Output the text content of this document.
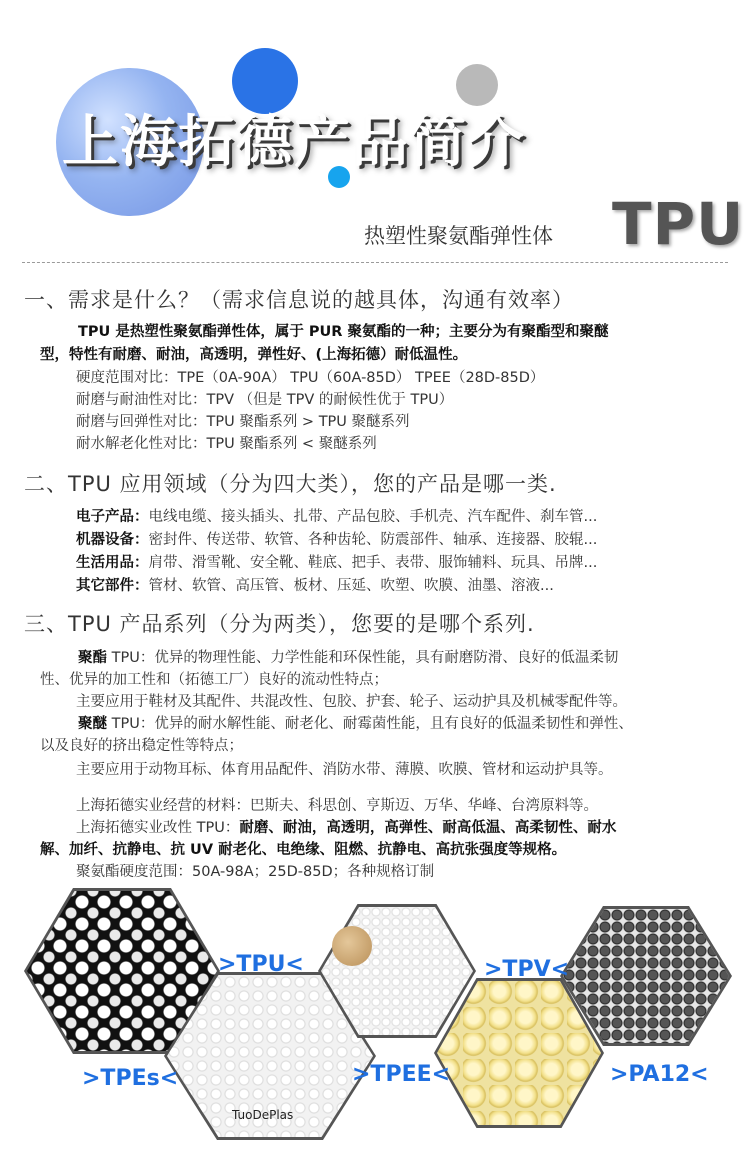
上海拓德产品简介
热塑性聚氨酯弹性体 TPU
一、需求是什么？（需求信息说的越具体，沟通有效率）
TPU 是热塑性聚氨酯弹性体，属于 PUR 聚氨酯的一种；主要分为有聚酯型和聚醚
型，特性有耐磨、耐油，高透明，弹性好、(上海拓德）耐低温性。
硬度范围对比：TPE（0A-90A） TPU（60A-85D） TPEE（28D-85D）
耐磨与耐油性对比：TPV （但是 TPV 的耐候性优于 TPU）
耐磨与回弹性对比：TPU 聚酯系列 > TPU 聚醚系列
耐水解老化性对比：TPU 聚酯系列 < 聚醚系列
二、TPU 应用领域（分为四大类），您的产品是哪一类.
电子产品：电线电缆、接头插头、扎带、产品包胶、手机壳、汽车配件、刹车管...
机器设备：密封件、传送带、软管、各种齿轮、防震部件、轴承、连接器、胶辊...
生活用品：肩带、滑雪靴、安全靴、鞋底、把手、表带、服饰辅料、玩具、吊牌...
其它部件：管材、软管、高压管、板材、压延、吹塑、吹膜、油墨、溶液...
三、TPU 产品系列（分为两类），您要的是哪个系列.
聚酯 TPU：优异的物理性能、力学性能和环保性能，具有耐磨防滑、良好的低温柔韧
性、优异的加工性和（拓德工厂）良好的流动性特点；
主要应用于鞋材及其配件、共混改性、包胶、护套、轮子、运动护具及机械零配件等。
聚醚 TPU：优异的耐水解性能、耐老化、耐霉菌性能，且有良好的低温柔韧性和弹性、
以及良好的挤出稳定性等特点；
主要应用于动物耳标、体育用品配件、消防水带、薄膜、吹膜、管材和运动护具等。
上海拓德实业经营的材料：巴斯夫、科思创、亨斯迈、万华、华峰、台湾原料等。
上海拓德实业改性 TPU：耐磨、耐油，高透明，高弹性、耐高低温、高柔韧性、耐水
解、加纤、抗静电、抗 UV 耐老化、电绝缘、阻燃、抗静电、高抗张强度等规格。
聚氨酯硬度范围：50A-98A；25D-85D；各种规格订制
TuoDePlas
>TPU<	>TPV<
>TPEs<	>TPEE<	>PA12<
